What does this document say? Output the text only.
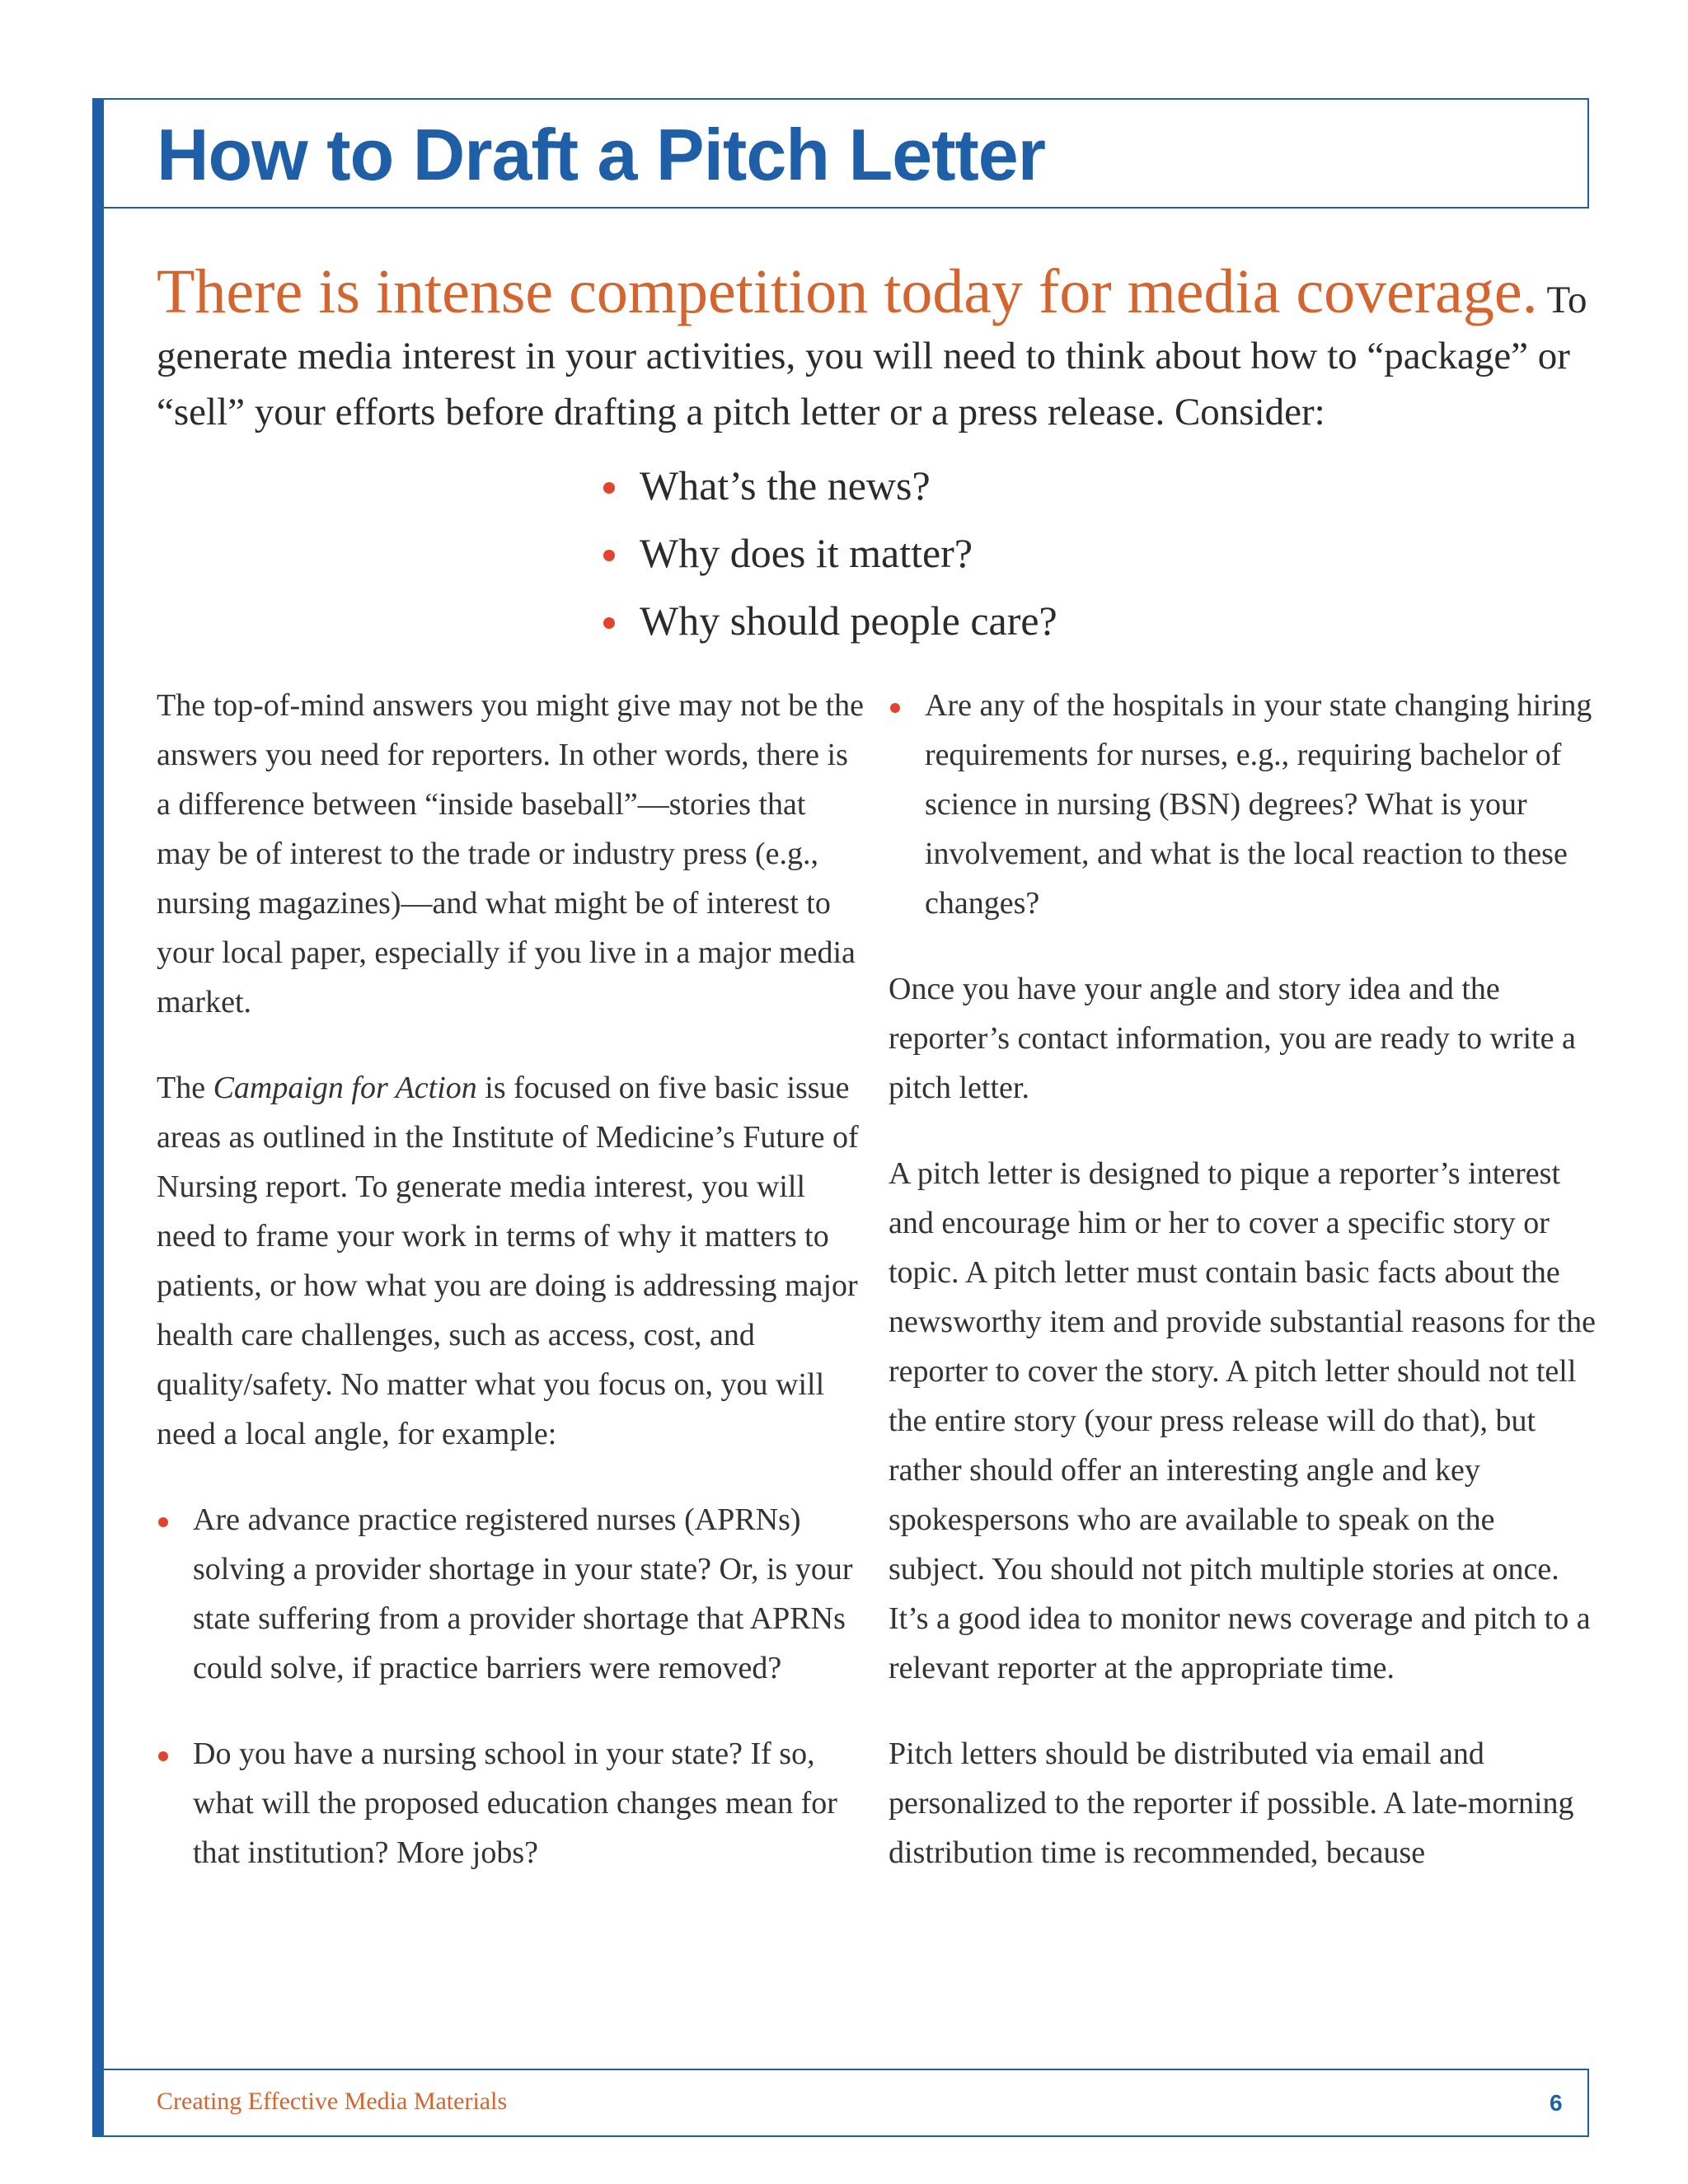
How to Draft a Pitch Letter

There is intense competition today for media coverage. To generate media interest in your activities, you will need to think about how to “package” or “sell” your efforts before drafting a pitch letter or a press release. Consider:

What’s the news?
Why does it matter?
Why should people care?

The top-of-mind answers you might give may not be the answers you need for reporters. In other words, there is a difference between “inside baseball”—stories that may be of interest to the trade or industry press (e.g., nursing magazines)—and what might be of interest to your local paper, especially if you live in a major media market.

The Campaign for Action is focused on five basic issue areas as outlined in the Institute of Medicine’s Future of Nursing report. To generate media interest, you will need to frame your work in terms of why it matters to patients, or how what you are doing is addressing major health care challenges, such as access, cost, and quality/safety. No matter what you focus on, you will need a local angle, for example:

Are advance practice registered nurses (APRNs) solving a provider shortage in your state? Or, is your state suffering from a provider shortage that APRNs could solve, if practice barriers were removed?
Do you have a nursing school in your state? If so, what will the proposed education changes mean for that institution? More jobs?
Are any of the hospitals in your state changing hiring requirements for nurses, e.g., requiring bachelor of science in nursing (BSN) degrees? What is your involvement, and what is the local reaction to these changes?

Once you have your angle and story idea and the reporter’s contact information, you are ready to write a pitch letter.

A pitch letter is designed to pique a reporter’s interest and encourage him or her to cover a specific story or topic. A pitch letter must contain basic facts about the newsworthy item and provide substantial reasons for the reporter to cover the story. A pitch letter should not tell the entire story (your press release will do that), but rather should offer an interesting angle and key spokespersons who are available to speak on the subject. You should not pitch multiple stories at once. It’s a good idea to monitor news coverage and pitch to a relevant reporter at the appropriate time.

Pitch letters should be distributed via email and personalized to the reporter if possible. A late-morning distribution time is recommended, because

Creating Effective Media Materials	6
